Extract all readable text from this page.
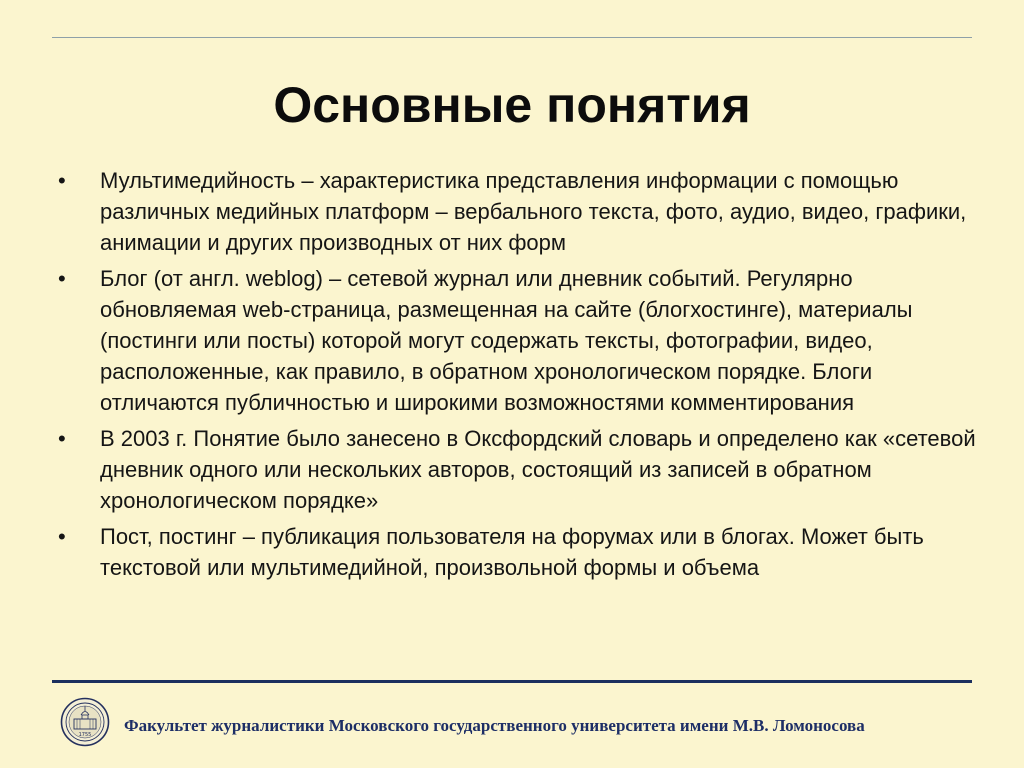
Основные понятия
•	Мультимедийность – характеристика представления информации с помощью различных медийных платформ – вербального текста, фото, аудио, видео, графики, анимации и других производных от них форм
•	Блог (от англ. weblog) – сетевой журнал или дневник событий. Регулярно обновляемая web-страница, размещенная на сайте (блогхостинге), материалы (постинги или посты) которой могут содержать тексты, фотографии, видео, расположенные, как правило, в обратном хронологическом порядке. Блоги отличаются публичностью и широкими возможностями комментирования
•	В 2003 г. Понятие было занесено в Оксфордский словарь и определено как «сетевой дневник одного или нескольких авторов, состоящий из записей в обратном хронологическом порядке»
•	Пост, постинг – публикация пользователя на форумах или в блогах. Может быть текстовой или мультимедийной, произвольной формы и объема
1755 Факультет журналистики Московского государственного университета имени М.В. Ломоносова
